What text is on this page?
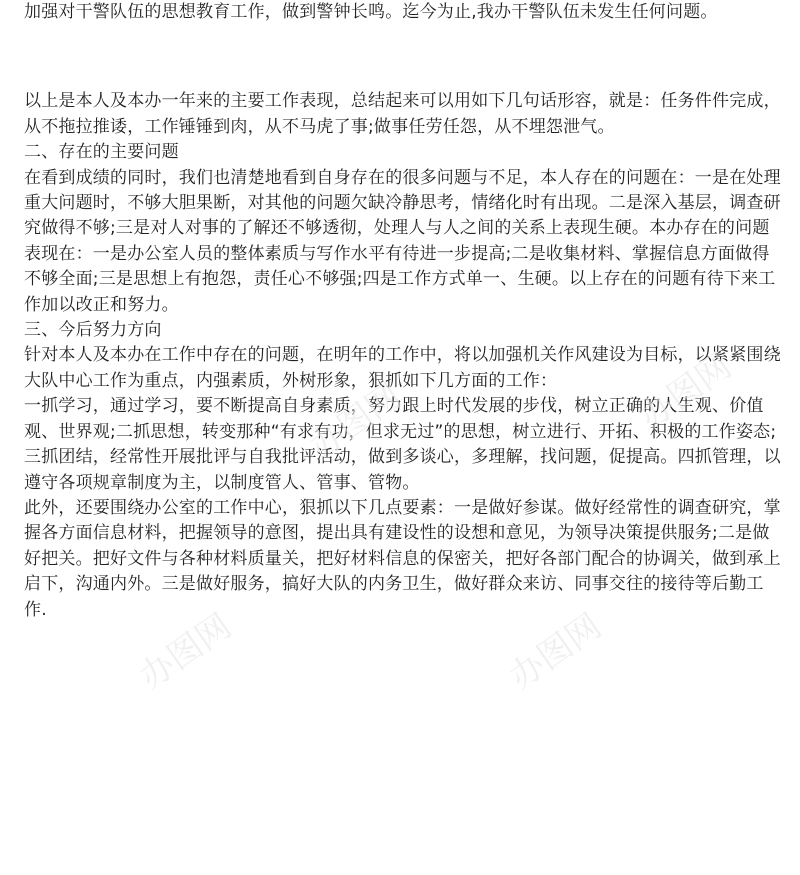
加强对干警队伍的思想教育工作，做到警钟长鸣。迄今为止,我办干警队伍未发生任何问题。

以上是本人及本办一年来的主要工作表现，总结起来可以用如下几句话形容，就是：任务件件完成，从不拖拉推诿，工作锤锤到肉，从不马虎了事;做事任劳任怨，从不埋怨泄气。

二、存在的主要问题

在看到成绩的同时，我们也清楚地看到自身存在的很多问题与不足，本人存在的问题在：一是在处理重大问题时，不够大胆果断，对其他的问题欠缺冷静思考，情绪化时有出现。二是深入基层，调查研究做得不够;三是对人对事的了解还不够透彻，处理人与人之间的关系上表现生硬。本办存在的问题表现在：一是办公室人员的整体素质与写作水平有待进一步提高;二是收集材料、掌握信息方面做得不够全面;三是思想上有抱怨，责任心不够强;四是工作方式单一、生硬。以上存在的问题有待下来工作加以改正和努力。

三、今后努力方向

针对本人及本办在工作中存在的问题，在明年的工作中，将以加强机关作风建设为目标，以紧紧围绕大队中心工作为重点，内强素质，外树形象，狠抓如下几方面的工作：

一抓学习，通过学习，要不断提高自身素质，努力跟上时代发展的步伐，树立正确的人生观、价值观、世界观;二抓思想，转变那种“有求有功，但求无过”的思想，树立进行、开拓、积极的工作姿态;三抓团结，经常性开展批评与自我批评活动，做到多谈心，多理解，找问题，促提高。四抓管理，以遵守各项规章制度为主，以制度管人、管事、管物。

此外，还要围绕办公室的工作中心，狠抓以下几点要素：一是做好参谋。做好经常性的调查研究，掌握各方面信息材料，把握领导的意图，提出具有建设性的设想和意见，为领导决策提供服务;二是做好把关。把好文件与各种材料质量关，把好材料信息的保密关，把好各部门配合的协调关，做到承上启下，沟通内外。三是做好服务，搞好大队的内务卫生，做好群众来访、同事交往的接待等后勤工作.	办图网	办图网
办图网	办图网
